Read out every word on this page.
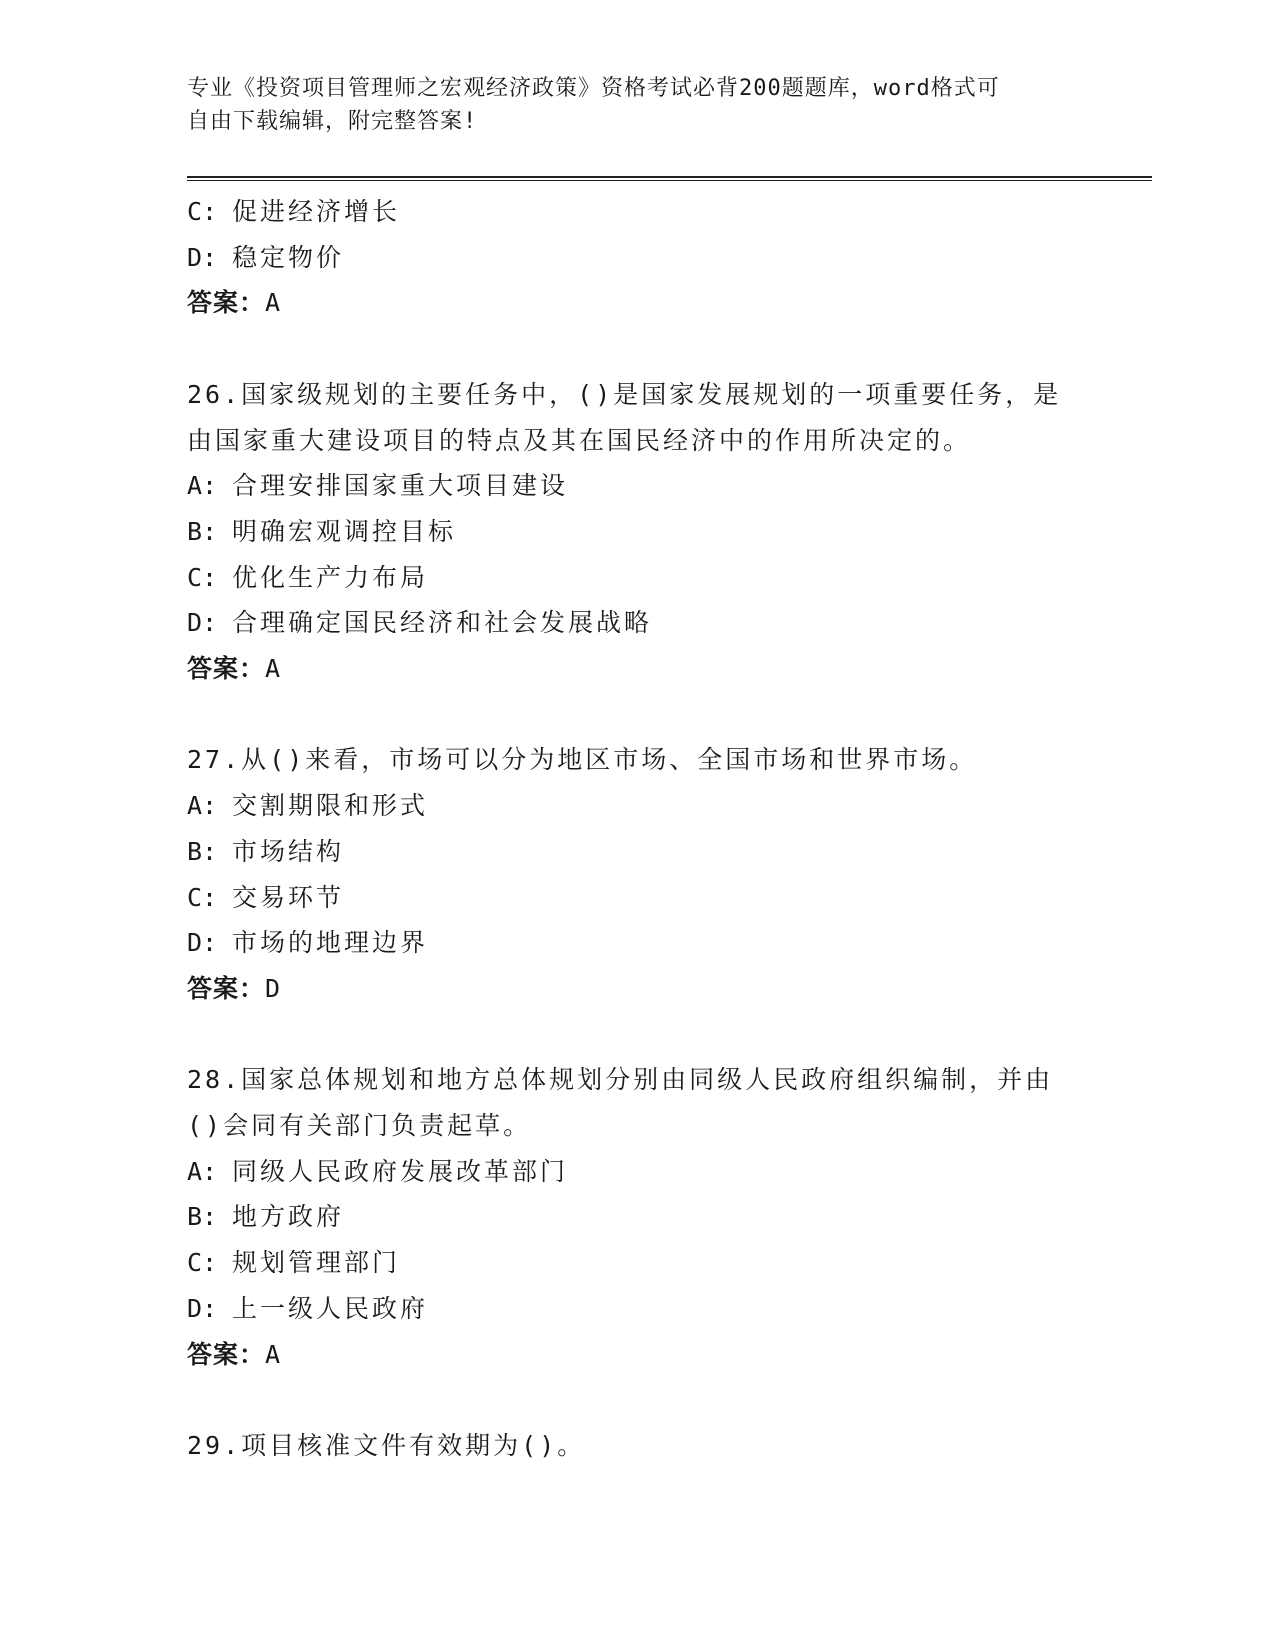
专业《投资项目管理师之宏观经济政策》资格考试必背200题题库，word格式可
自由下载编辑，附完整答案!
C: 促进经济增长
D: 稳定物价
答案：A
26.国家级规划的主要任务中，()是国家发展规划的一项重要任务，是
由国家重大建设项目的特点及其在国民经济中的作用所决定的。
A: 合理安排国家重大项目建设
B: 明确宏观调控目标
C: 优化生产力布局
D: 合理确定国民经济和社会发展战略
答案：A
27.从()来看，市场可以分为地区市场、全国市场和世界市场。
A: 交割期限和形式
B: 市场结构
C: 交易环节
D: 市场的地理边界
答案：D
28.国家总体规划和地方总体规划分别由同级人民政府组织编制，并由
()会同有关部门负责起草。
A: 同级人民政府发展改革部门
B: 地方政府
C: 规划管理部门
D: 上一级人民政府
答案：A
29.项目核准文件有效期为()。
